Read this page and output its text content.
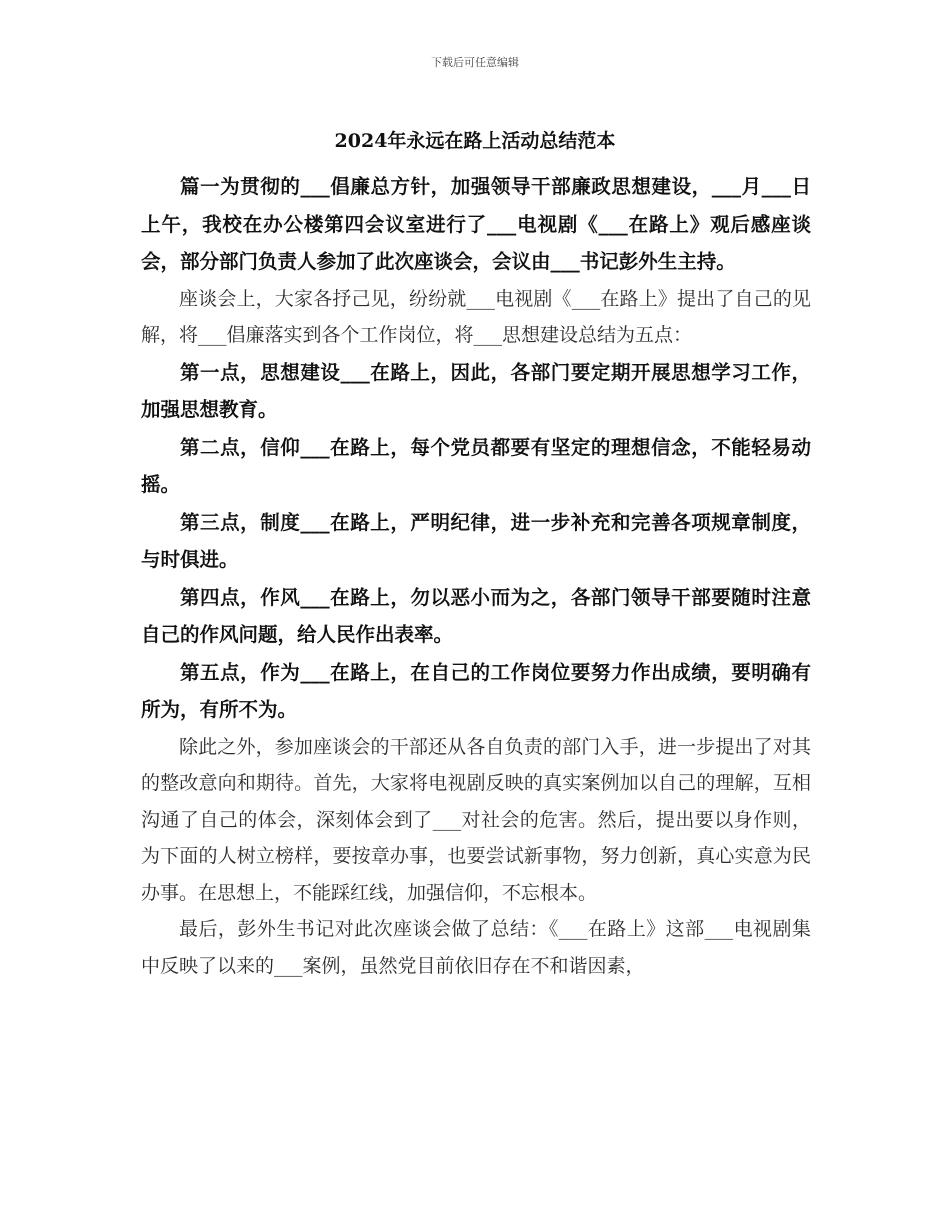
下载后可任意编辑
2024年永远在路上活动总结范本

篇一为贯彻的___倡廉总方针，加强领导干部廉政思想建设，___月___日上午，我校在办公楼第四会议室进行了___电视剧《___在路上》观后感座谈会，部分部门负责人参加了此次座谈会，会议由___书记彭外生主持。

座谈会上，大家各抒己见，纷纷就___电视剧《___在路上》提出了自己的见解，将___倡廉落实到各个工作岗位，将___思想建设总结为五点：

第一点，思想建设___在路上，因此，各部门要定期开展思想学习工作，加强思想教育。

第二点，信仰___在路上，每个党员都要有坚定的理想信念，不能轻易动摇。

第三点，制度___在路上，严明纪律，进一步补充和完善各项规章制度，与时俱进。

第四点，作风___在路上，勿以恶小而为之，各部门领导干部要随时注意自己的作风问题，给人民作出表率。

第五点，作为___在路上，在自己的工作岗位要努力作出成绩，要明确有所为，有所不为。

除此之外，参加座谈会的干部还从各自负责的部门入手，进一步提出了对其的整改意向和期待。首先，大家将电视剧反映的真实案例加以自己的理解，互相沟通了自己的体会，深刻体会到了___对社会的危害。然后，提出要以身作则，为下面的人树立榜样，要按章办事，也要尝试新事物，努力创新，真心实意为民办事。在思想上，不能踩红线，加强信仰，不忘根本。

最后，彭外生书记对此次座谈会做了总结：《___在路上》这部___电视剧集中反映了以来的___案例，虽然党目前依旧存在不和谐因素，
